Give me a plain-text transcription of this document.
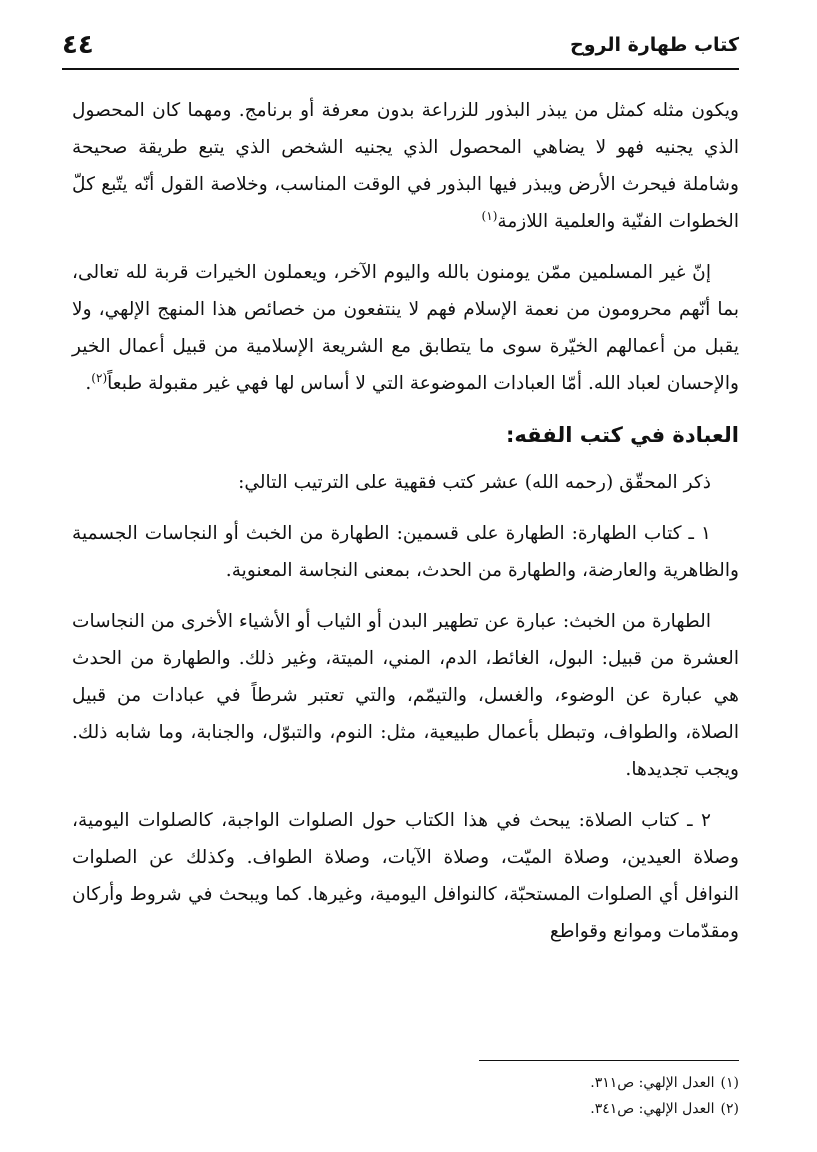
كتاب طهارة الروح
٤٤

ويكون مثله كمثل من يبذر البذور للزراعة بدون معرفة أو برنامج. ومهما كان المحصول الذي يجنيه فهو لا يضاهي المحصول الذي يجنيه الشخص الذي يتبع طريقة صحيحة وشاملة فيحرث الأرض ويبذر فيها البذور في الوقت المناسب، وخلاصة القول أنّه يتّبع كلّ الخطوات الفنّية والعلمية اللازمة$^{(١)}$

إنّ غير المسلمين ممّن يومنون بالله واليوم الآخر، ويعملون الخيرات قربة لله تعالى، بما أنّهم محرومون من نعمة الإسلام فهم لا ينتفعون من خصائص هذا المنهج الإلهي، ولا يقبل من أعمالهم الخيّرة سوى ما يتطابق مع الشريعة الإسلامية من قبيل أعمال الخير والإحسان لعباد الله. أمّا العبادات الموضوعة التي لا أساس لها فهي غير مقبولة طبعاً$^{(٢)}$.

العبادة في كتب الفقه:

ذكر المحقّق (رحمه الله) عشر كتب فقهية على الترتيب التالي:

١ ـ كتاب الطهارة: الطهارة على قسمين: الطهارة من الخبث أو النجاسات الجسمية والظاهرية والعارضة، والطهارة من الحدث، بمعنى النجاسة المعنوية.

الطهارة من الخبث: عبارة عن تطهير البدن أو الثياب أو الأشياء الأخرى من النجاسات العشرة من قبيل: البول، الغائط، الدم، المني، الميتة، وغير ذلك. والطهارة من الحدث هي عبارة عن الوضوء، والغسل، والتيمّم، والتي تعتبر شرطاً في عبادات من قبيل الصلاة، والطواف، وتبطل بأعمال طبيعية، مثل: النوم، والتبوّل، والجنابة، وما شابه ذلك. ويجب تجديدها.

٢ ـ كتاب الصلاة: يبحث في هذا الكتاب حول الصلوات الواجبة، كالصلوات اليومية، وصلاة العيدين، وصلاة الميّت، وصلاة الآيات، وصلاة الطواف. وكذلك عن الصلوات النوافل أي الصلوات المستحبّة، كالنوافل اليومية، وغيرها. كما ويبحث في شروط وأركان ومقدّمات وموانع وقواطع

(١)
العدل الإلهي: ص٣١١.
(٢)
العدل الإلهي: ص٣٤١.
